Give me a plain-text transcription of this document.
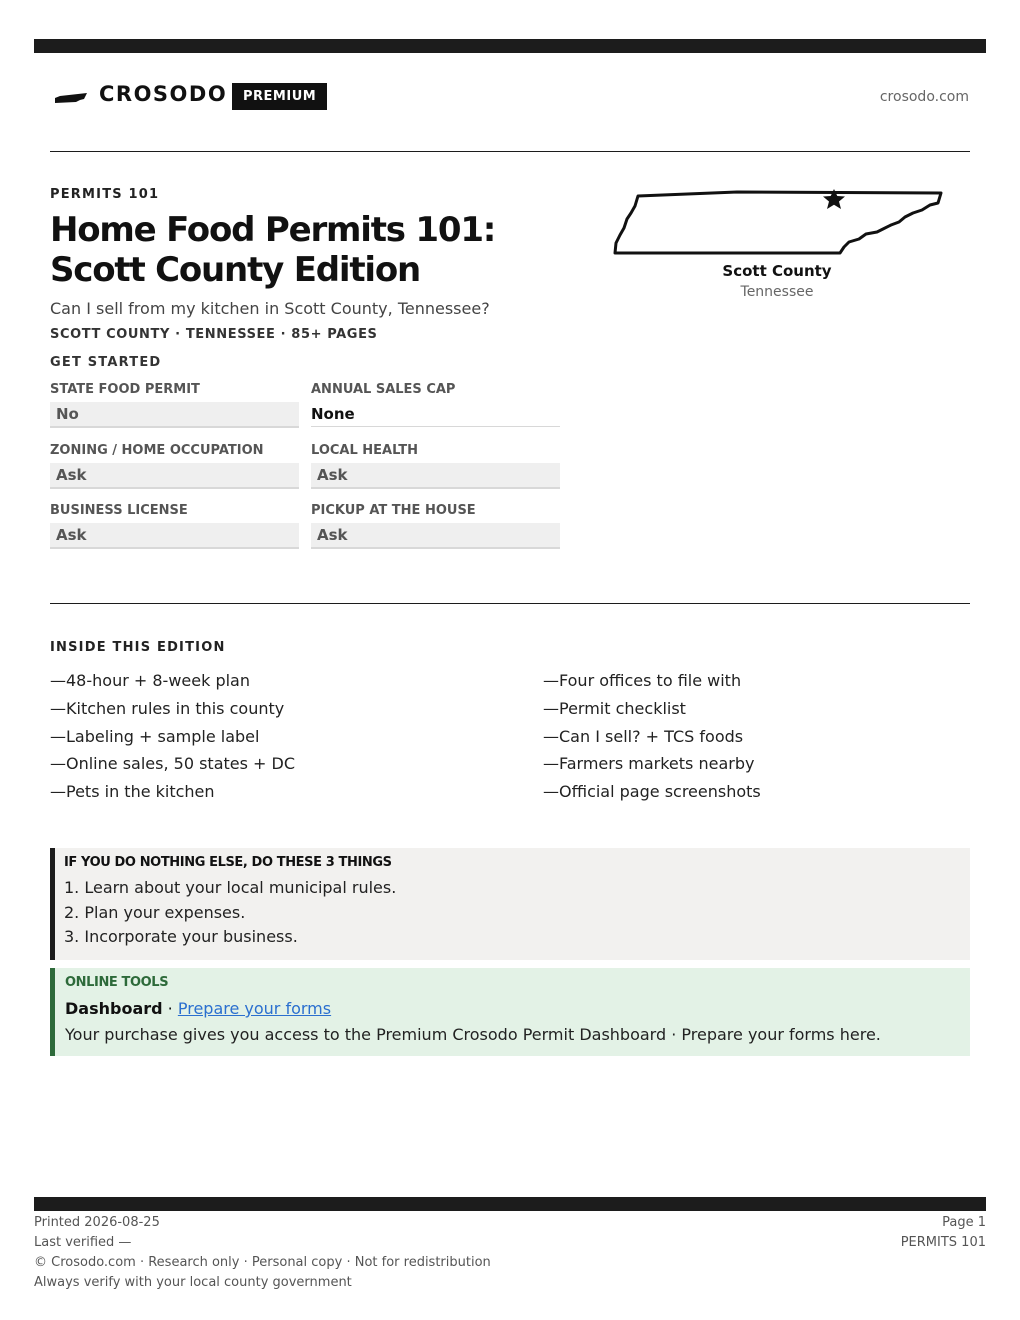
CROSODO	PREMIUM	crosodo.com
PERMITS 101
Home Food Permits 101: Scott County Edition
Can I sell from my kitchen in Scott County, Tennessee?
SCOTT COUNTY · TENNESSEE · 85+ PAGES
GET STARTED
STATE FOOD PERMIT
No
ANNUAL SALES CAP
None
ZONING / HOME OCCUPATION
Ask
LOCAL HEALTH
Ask
BUSINESS LICENSE
Ask
PICKUP AT THE HOUSE
Ask
Scott County
Tennessee
INSIDE THIS EDITION
—48-hour + 8-week plan
—Kitchen rules in this county
—Labeling + sample label
—Online sales, 50 states + DC
—Pets in the kitchen
—Four offices to file with
—Permit checklist
—Can I sell? + TCS foods
—Farmers markets nearby
—Official page screenshots
IF YOU DO NOTHING ELSE, DO THESE 3 THINGS
1. Learn about your local municipal rules.
2. Plan your expenses.
3. Incorporate your business.
ONLINE TOOLS
Dashboard · Prepare your forms
Your purchase gives you access to the Premium Crosodo Permit Dashboard · Prepare your forms here.
Printed 2026-08-25
Last verified —
© Crosodo.com · Research only · Personal copy · Not for redistribution
Always verify with your local county government
Page 1
PERMITS 101
